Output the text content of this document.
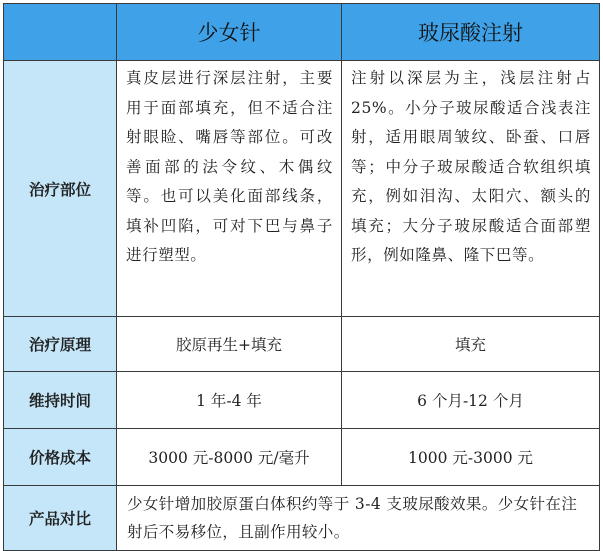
	少女针	玻尿酸注射
治疗部位	真皮层进行深层注射，主要用于面部填充，但不适合注射眼睑、嘴唇等部位。可改善面部的法令纹、木偶纹等。也可以美化面部线条，填补凹陷，可对下巴与鼻子进行塑型。	注射以深层为主，浅层注射占25%。小分子玻尿酸适合浅表注射，适用眼周皱纹、卧蚕、口唇等；中分子玻尿酸适合软组织填充，例如泪沟、太阳穴、额头的填充；大分子玻尿酸适合面部塑形，例如隆鼻、隆下巴等。
治疗原理	胶原再生+填充	填充
维持时间	1 年-4 年	6 个月-12 个月
价格成本	3000 元-8000 元/毫升	1000 元-3000 元
产品对比	少女针增加胶原蛋白体积约等于 3-4 支玻尿酸效果。少女针在注射后不易移位，且副作用较小。	
